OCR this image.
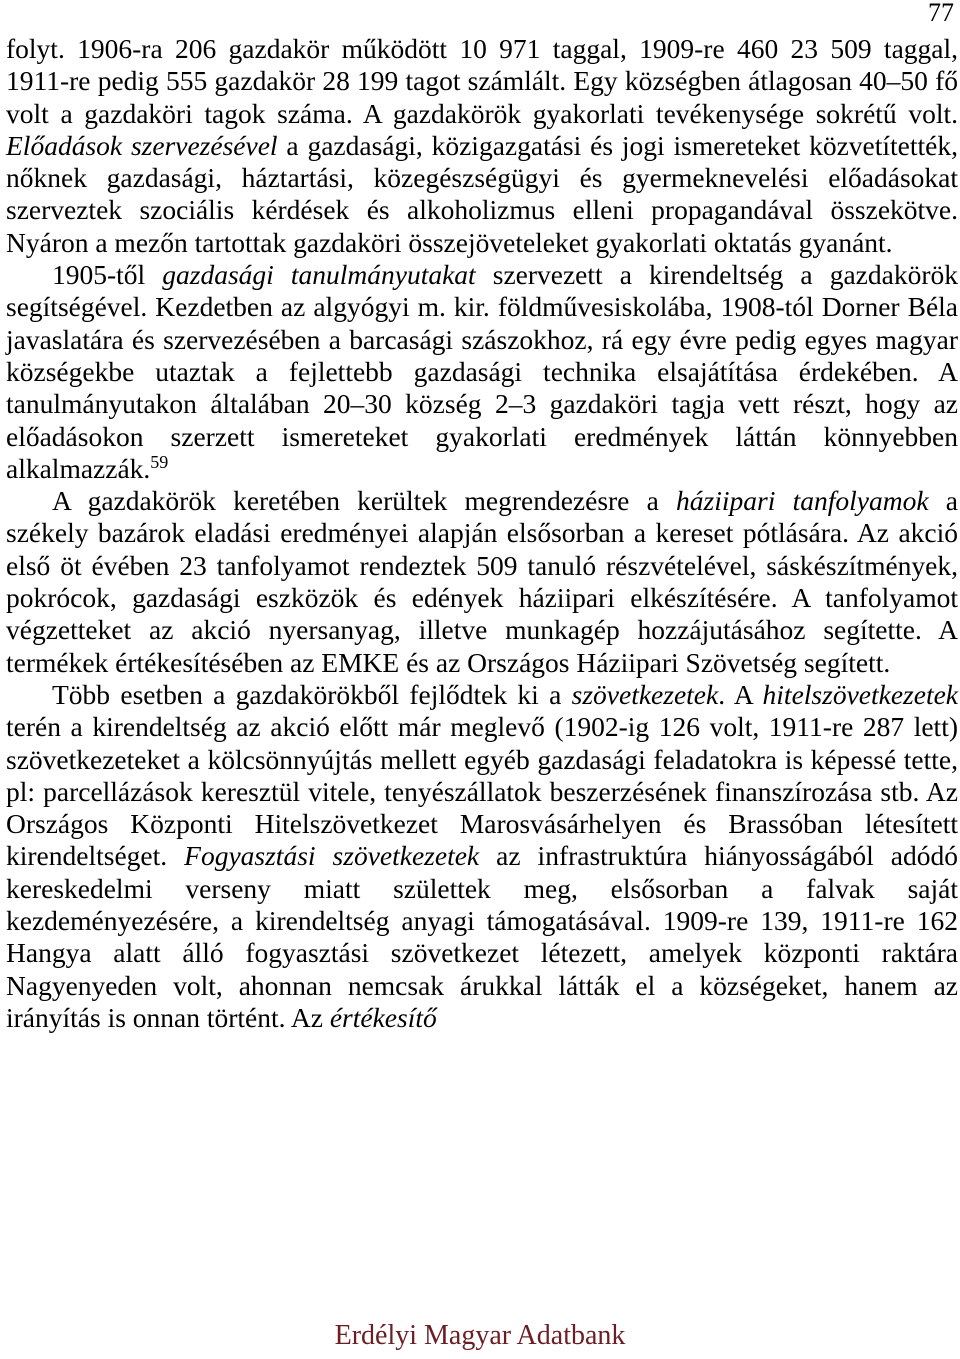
77

folyt. 1906-ra 206 gazdakör működött 10 971 taggal, 1909-re 460 23 509 taggal, 1911-re pedig 555 gazdakör 28 199 tagot számlált. Egy községben átlagosan 40–50 fő volt a gazdaköri tagok száma. A gazdakörök gyakorlati tevékenysége sokrétű volt. Előadások szervezésével a gazdasági, közigazgatási és jogi ismereteket közvetítették, nőknek gazdasági, háztartási, közegészségügyi és gyermeknevelési előadásokat szerveztek szociális kérdések és alkoholizmus elleni propagandával összekötve. Nyáron a mezőn tartottak gazdaköri összejöveteleket gyakorlati oktatás gyanánt.

1905-től gazdasági tanulmányutakat szervezett a kirendeltség a gazdakörök segítségével. Kezdetben az algyógyi m. kir. földművesiskolába, 1908-tól Dorner Béla javaslatára és szervezésében a barcasági szászokhoz, rá egy évre pedig egyes magyar községekbe utaztak a fejlettebb gazdasági technika elsajátítása érdekében. A tanulmányutakon általában 20–30 község 2–3 gazdaköri tagja vett részt, hogy az előadásokon szerzett ismereteket gyakorlati eredmények láttán könnyebben alkalmazzák.$^{59}$

A gazdakörök keretében kerültek megrendezésre a háziipari tanfolyamok a székely bazárok eladási eredményei alapján elsősorban a kereset pótlására. Az akció első öt évében 23 tanfolyamot rendeztek 509 tanuló részvételével, sáskészítmények, pokrócok, gazdasági eszközök és edények háziipari elkészítésére. A tanfolyamot végzetteket az akció nyersanyag, illetve munkagép hozzájutásához segítette. A termékek értékesítésében az EMKE és az Országos Háziipari Szövetség segített.

Több esetben a gazdakörökből fejlődtek ki a szövetkezetek. A hitelszövetkezetek terén a kirendeltség az akció előtt már meglevő (1902-ig 126 volt, 1911-re 287 lett) szövetkezeteket a kölcsönnyújtás mellett egyéb gazdasági feladatokra is képessé tette, pl: parcellázások keresztül vitele, tenyészállatok beszerzésének finanszírozása stb. Az Országos Központi Hitelszövetkezet Marosvásárhelyen és Brassóban létesített kirendeltséget. Fogyasztási szövetkezetek az infrastruktúra hiányosságából adódó kereskedelmi verseny miatt születtek meg, elsősorban a falvak saját kezdeményezésére, a kirendeltség anyagi támogatásával. 1909-re 139, 1911-re 162 Hangya alatt álló fogyasztási szövetkezet létezett, amelyek központi raktára Nagyenyeden volt, ahonnan nemcsak árukkal látták el a községeket, hanem az irányítás is onnan történt. Az értékesítő

Erdélyi Magyar Adatbank
